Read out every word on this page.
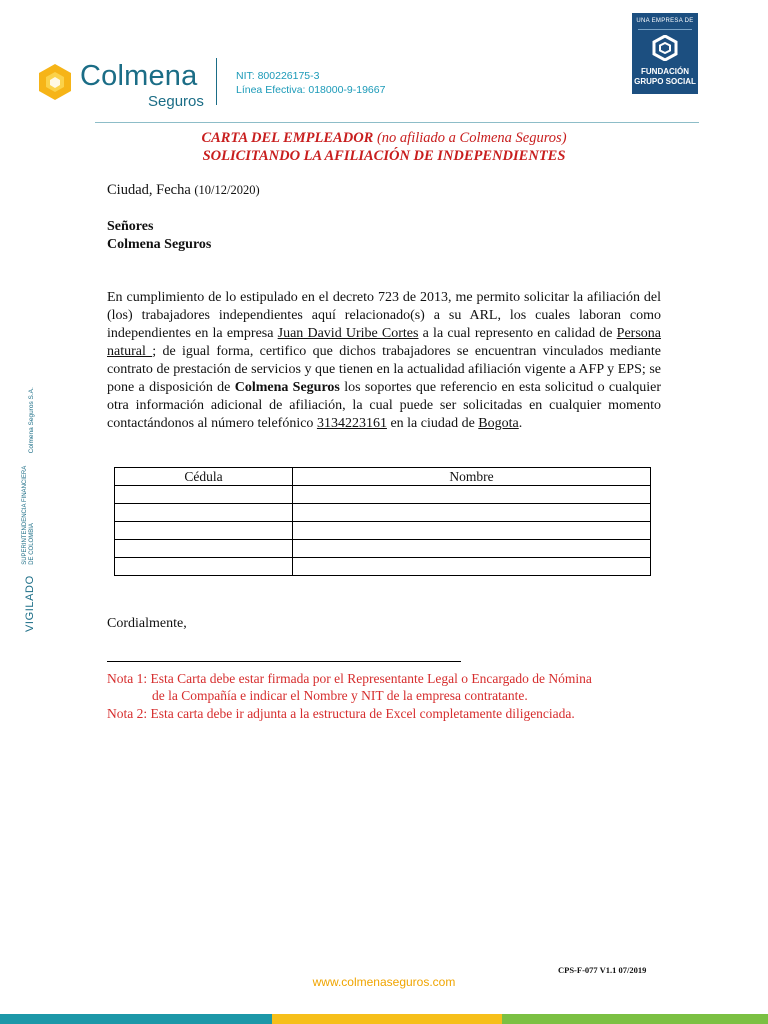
Colmena
Seguros
NIT: 800226175-3
Línea Efectiva: 018000-9-19667
UNA EMPRESA DE
FUNDACIÓN
GRUPO SOCIAL
CARTA DEL EMPLEADOR (no afiliado a Colmena Seguros)
SOLICITANDO LA AFILIACIÓN DE INDEPENDIENTES
Ciudad, Fecha (10/12/2020)
Señores
Colmena Seguros
En cumplimiento de lo estipulado en el decreto 723 de 2013, me permito solicitar la afiliación del (los) trabajadores independientes aquí relacionado(s) a su ARL, los cuales laboran como independientes en la empresa Juan David Uribe Cortes a la cual represento en calidad de Persona natural ; de igual forma, certifico que dichos trabajadores se encuentran vinculados mediante contrato de prestación de servicios y que tienen en la actualidad afiliación vigente a AFP y EPS; se pone a disposición de Colmena Seguros los soportes que referencio en esta solicitud o cualquier otra información adicional de afiliación, la cual puede ser solicitadas en cualquier momento contactándonos al número telefónico 3134223161 en la ciudad de Bogota.
Cédula	Nombre

Cordialmente,
Nota 1: Esta Carta debe estar firmada por el Representante Legal o Encargado de Nómina
de la Compañía e indicar el Nombre y NIT de la empresa contratante.
Nota 2: Esta carta debe ir adjunta a la estructura de Excel completamente diligenciada.
VIGILADO SUPERINTENDENCIA FINANCIERA
DE COLOMBIA Colmena Seguros S.A.
CPS-F-077 V1.1 07/2019
www.colmenaseguros.com
